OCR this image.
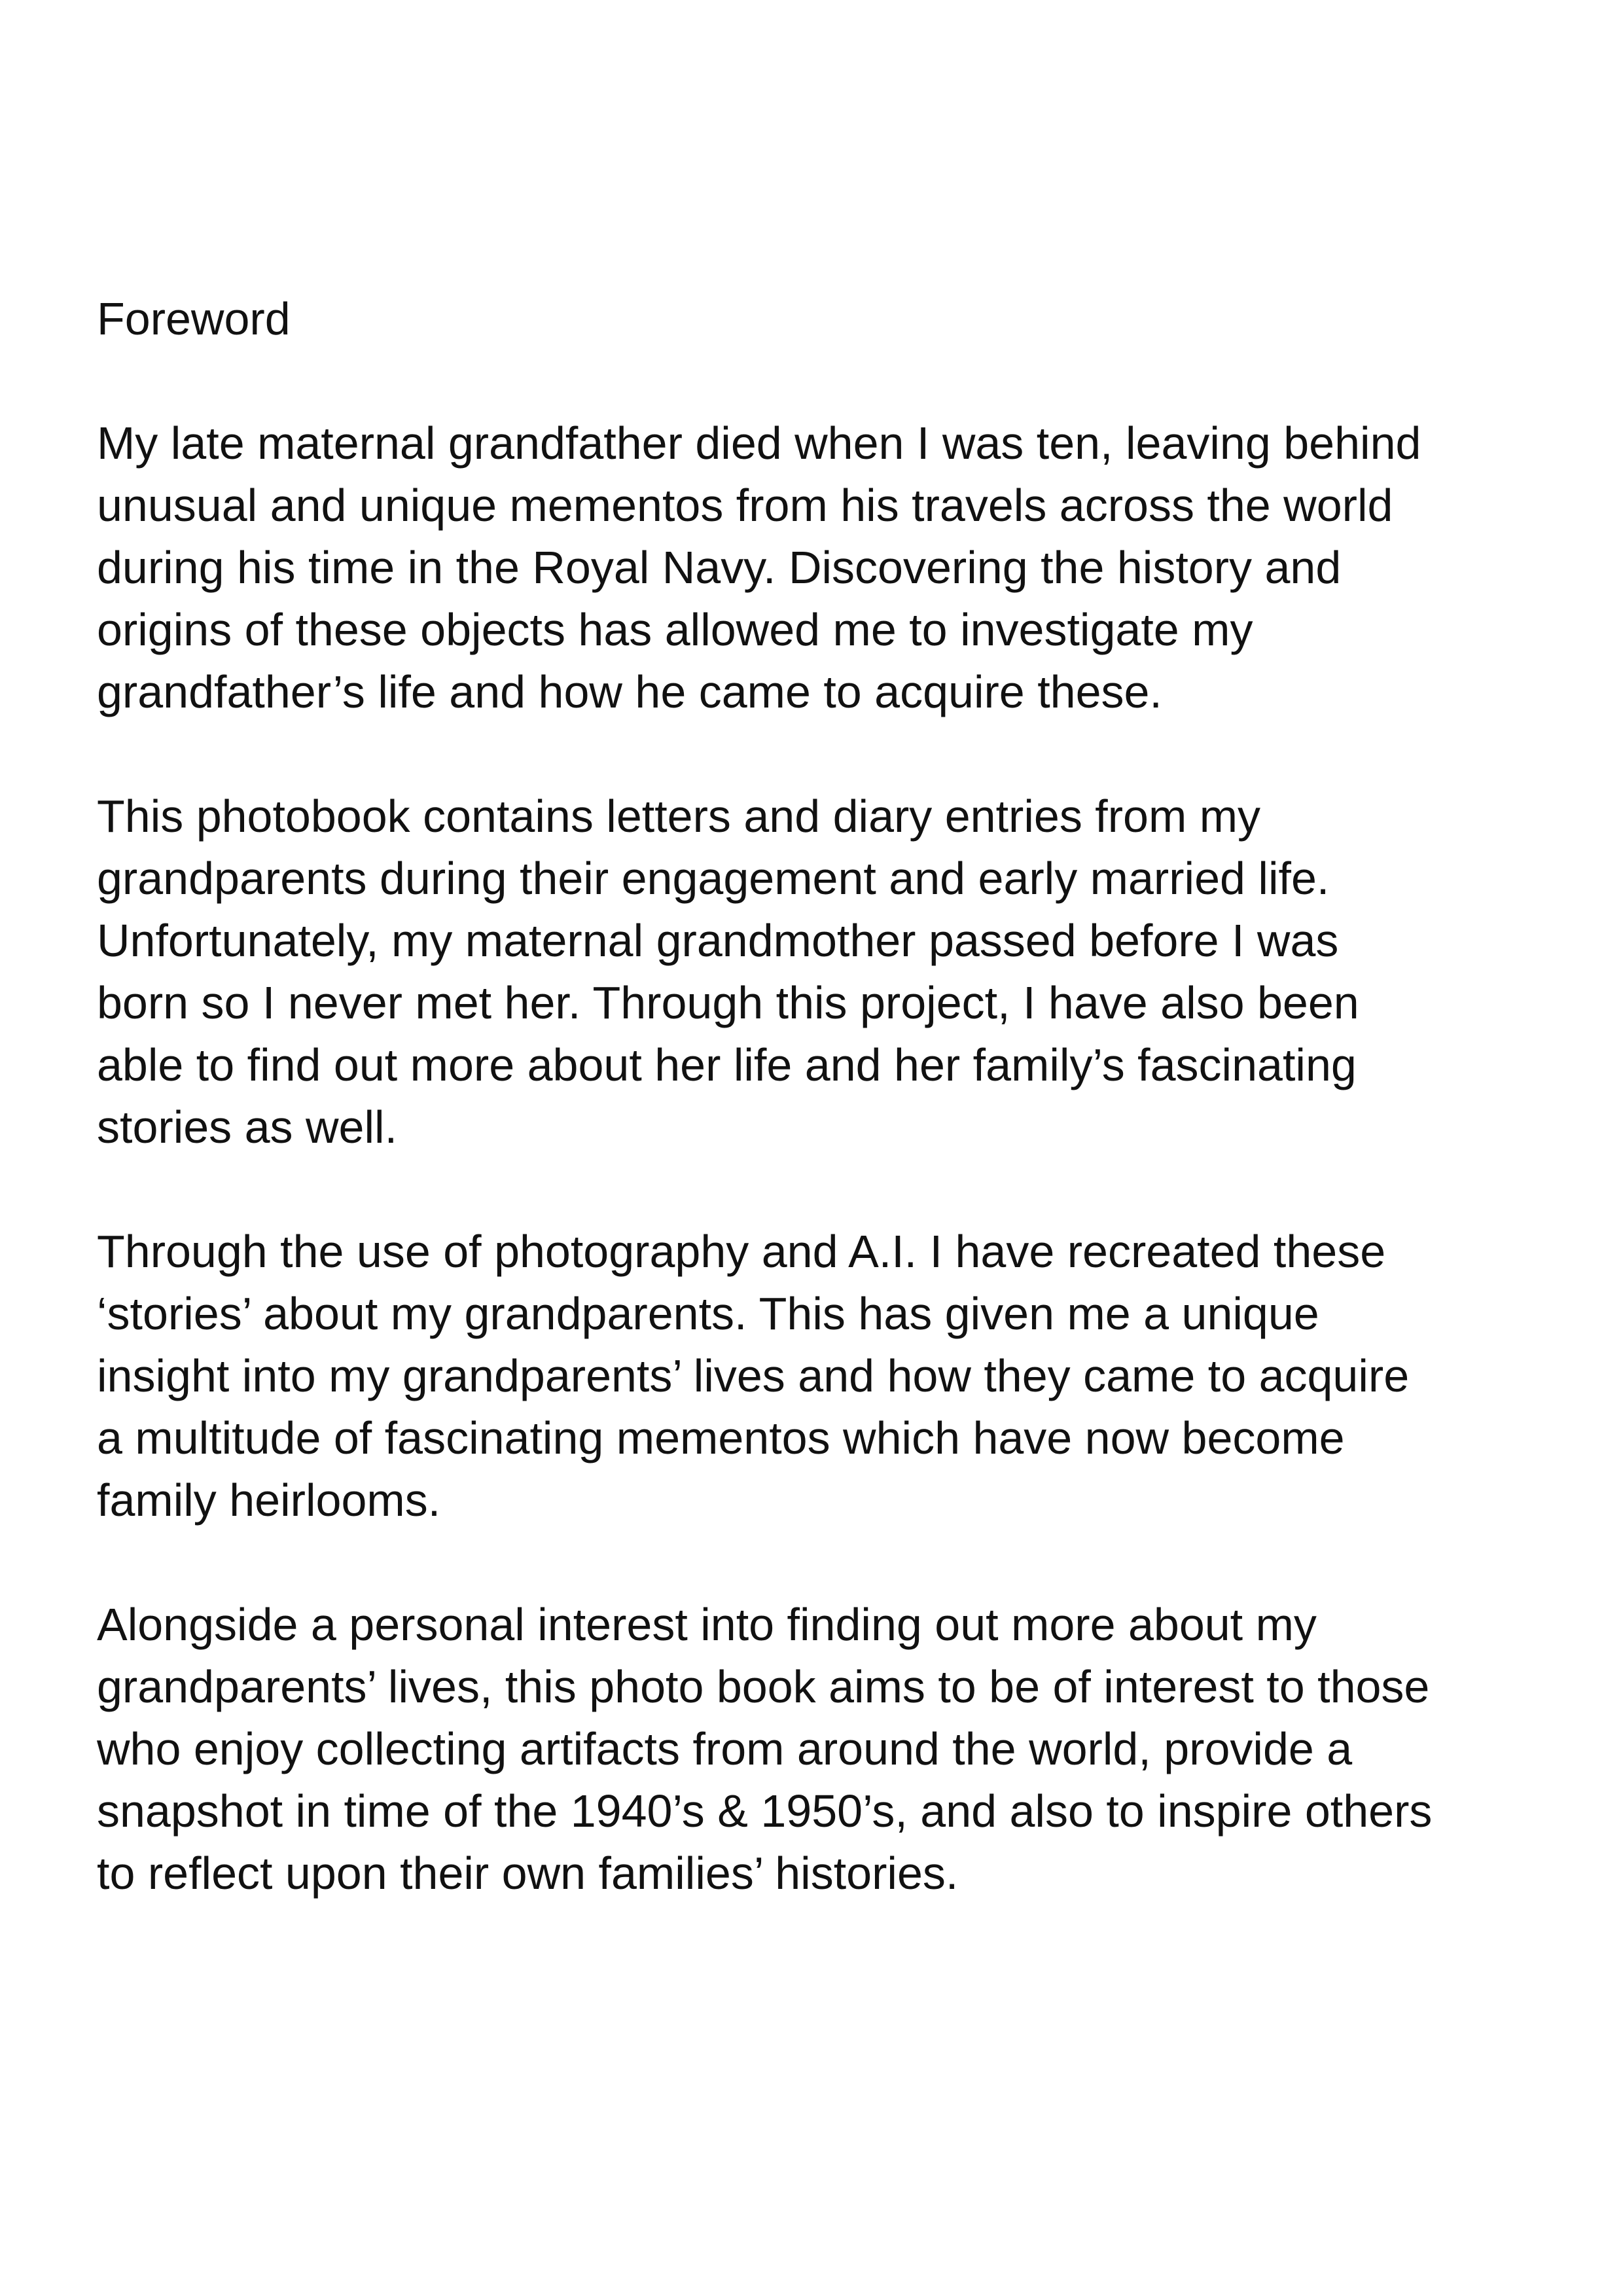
Foreword
My late maternal grandfather died when I was ten, leaving behind
unusual and unique mementos from his travels across the world
during his time in the Royal Navy. Discovering the history and
origins of these objects has allowed me to investigate my
grandfather’s life and how he came to acquire these.
This photobook contains letters and diary entries from my
grandparents during their engagement and early married life.
Unfortunately, my maternal grandmother passed before I was
born so I never met her. Through this project, I have also been
able to find out more about her life and her family’s fascinating
stories as well.
Through the use of photography and A.I. I have recreated these
‘stories’ about my grandparents. This has given me a unique
insight into my grandparents’ lives and how they came to acquire
a multitude of fascinating mementos which have now become
family heirlooms.
Alongside a personal interest into finding out more about my
grandparents’ lives, this photo book aims to be of interest to those
who enjoy collecting artifacts from around the world, provide a
snapshot in time of the 1940’s & 1950’s, and also to inspire others
to reflect upon their own families’ histories.
